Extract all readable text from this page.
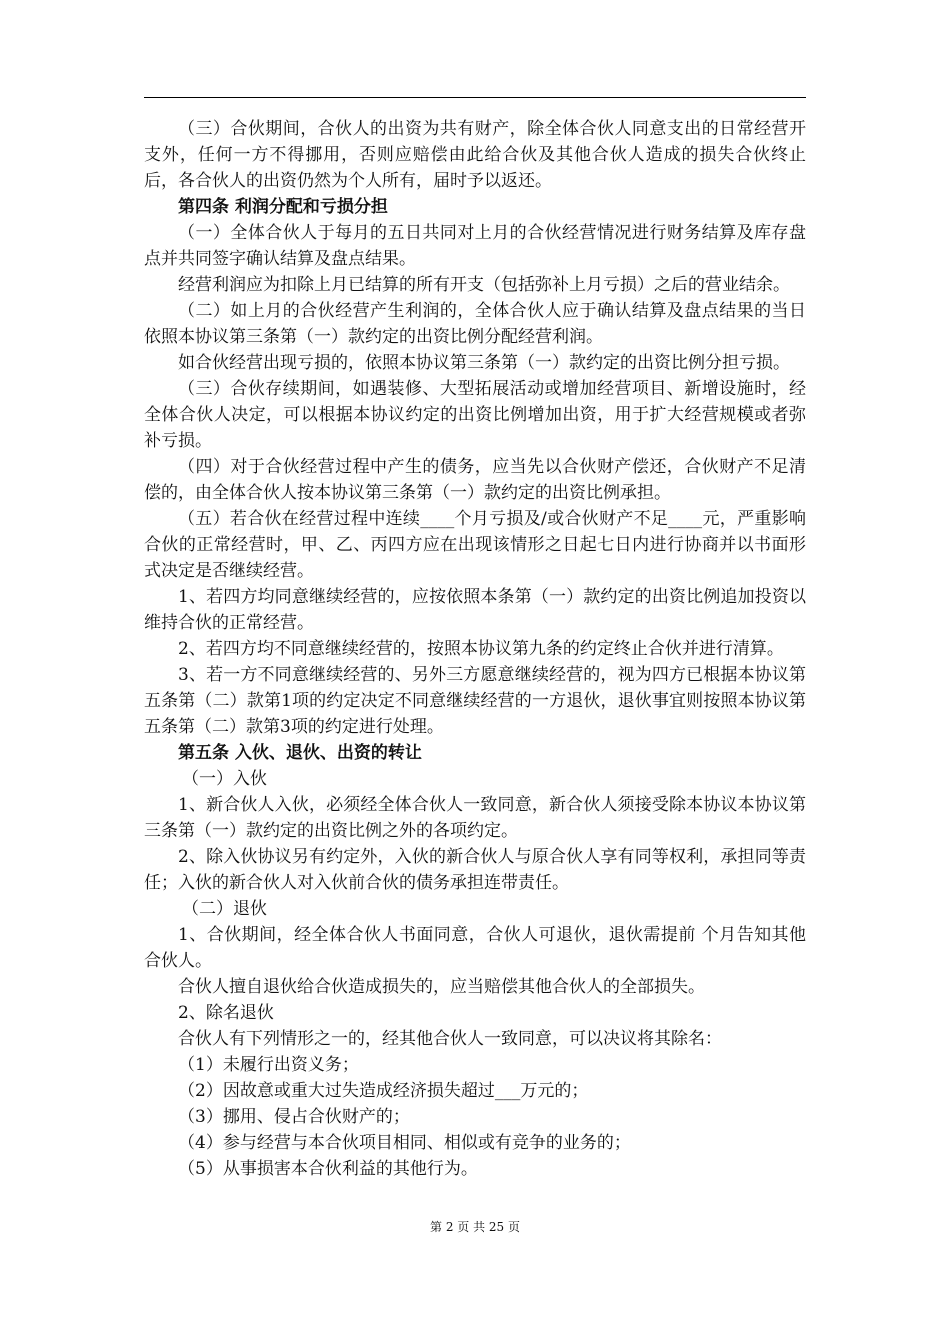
（三）合伙期间，合伙人的出资为共有财产，除全体合伙人同意支出的日常经营开支外，任何一方不得挪用，否则应赔偿由此给合伙及其他合伙人造成的损失合伙终止后，各合伙人的出资仍然为个人所有，届时予以返还。

第四条 利润分配和亏损分担

（一）全体合伙人于每月的五日共同对上月的合伙经营情况进行财务结算及库存盘点并共同签字确认结算及盘点结果。

经营利润应为扣除上月已结算的所有开支（包括弥补上月亏损）之后的营业结余。

（二）如上月的合伙经营产生利润的，全体合伙人应于确认结算及盘点结果的当日依照本协议第三条第（一）款约定的出资比例分配经营利润。

如合伙经营出现亏损的，依照本协议第三条第（一）款约定的出资比例分担亏损。

（三）合伙存续期间，如遇装修、大型拓展活动或增加经营项目、新增设施时，经全体合伙人决定，可以根据本协议约定的出资比例增加出资，用于扩大经营规模或者弥补亏损。

（四）对于合伙经营过程中产生的债务，应当先以合伙财产偿还，合伙财产不足清偿的，由全体合伙人按本协议第三条第（一）款约定的出资比例承担。

（五）若合伙在经营过程中连续____个月亏损及/或合伙财产不足____元，严重影响合伙的正常经营时，甲、乙、丙四方应在出现该情形之日起七日内进行协商并以书面形式决定是否继续经营。

1、若四方均同意继续经营的，应按依照本条第（一）款约定的出资比例追加投资以维持合伙的正常经营。

2、若四方均不同意继续经营的，按照本协议第九条的约定终止合伙并进行清算。

3、若一方不同意继续经营的、另外三方愿意继续经营的，视为四方已根据本协议第五条第（二）款第1项的约定决定不同意继续经营的一方退伙，退伙事宜则按照本协议第五条第（二）款第3项的约定进行处理。

第五条 入伙、退伙、出资的转让

（一）入伙

1、新合伙人入伙，必须经全体合伙人一致同意，新合伙人须接受除本协议本协议第三条第（一）款约定的出资比例之外的各项约定。

2、除入伙协议另有约定外，入伙的新合伙人与原合伙人享有同等权利，承担同等责任；入伙的新合伙人对入伙前合伙的债务承担连带责任。

（二）退伙

1、合伙期间，经全体合伙人书面同意，合伙人可退伙，退伙需提前 个月告知其他合伙人。

合伙人擅自退伙给合伙造成损失的，应当赔偿其他合伙人的全部损失。

2、除名退伙

合伙人有下列情形之一的，经其他合伙人一致同意，可以决议将其除名：

（1）未履行出资义务；

（2）因故意或重大过失造成经济损失超过___万元的；

（3）挪用、侵占合伙财产的；

（4）参与经营与本合伙项目相同、相似或有竞争的业务的；

（5）从事损害本合伙利益的其他行为。

第 2 页 共 25 页
